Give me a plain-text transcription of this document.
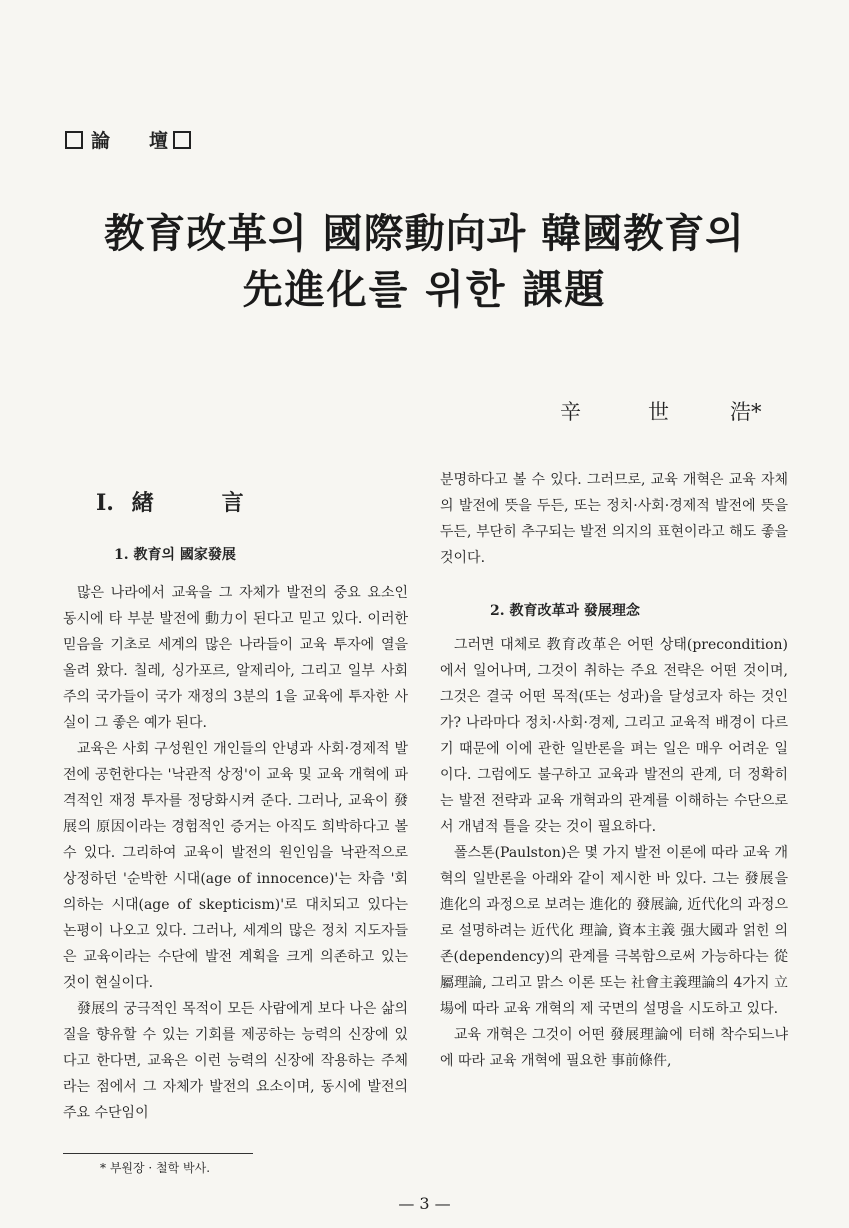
論 壇
教育改革의 國際動向과 韓國教育의
先進化를 위한 課題
辛	世	浩*
I. 緖	言
1. 教育의 國家發展

많은 나라에서 교육을 그 자체가 발전의 중요 요소인 동시에 타 부분 발전에 動力이 된다고 믿고 있다. 이러한 믿음을 기초로 세계의 많은 나라들이 교육 투자에 열을 올려 왔다. 칠레, 싱가포르, 알제리아, 그리고 일부 사회주의 국가들이 국가 재정의 3분의 1을 교육에 투자한 사실이 그 좋은 예가 된다.

교육은 사회 구성원인 개인들의 안녕과 사회·경제적 발전에 공헌한다는 '낙관적 상정'이 교육 및 교육 개혁에 파격적인 재정 투자를 정당화시켜 준다. 그러나, 교육이 發展의 原因이라는 경험적인 증거는 아직도 희박하다고 볼 수 있다. 그리하여 교육이 발전의 원인임을 낙관적으로 상정하던 '순박한 시대(age of innocence)'는 차츰 '회의하는 시대(age of skepticism)'로 대치되고 있다는 논평이 나오고 있다. 그러나, 세계의 많은 정치 지도자들은 교육이라는 수단에 발전 계획을 크게 의존하고 있는 것이 현실이다.

發展의 궁극적인 목적이 모든 사람에게 보다 나은 삶의 질을 향유할 수 있는 기회를 제공하는 능력의 신장에 있다고 한다면, 교육은 이런 능력의 신장에 작용하는 주체라는 점에서 그 자체가 발전의 요소이며, 동시에 발전의 주요 수단임이

분명하다고 볼 수 있다. 그러므로, 교육 개혁은 교육 자체의 발전에 뜻을 두든, 또는 정치·사회·경제적 발전에 뜻을 두든, 부단히 추구되는 발전 의지의 표현이라고 해도 좋을 것이다.

2. 教育改革과 發展理念

그러면 대체로 教育改革은 어떤 상태(precondition)에서 일어나며, 그것이 취하는 주요 전략은 어떤 것이며, 그것은 결국 어떤 목적(또는 성과)을 달성코자 하는 것인가? 나라마다 정치·사회·경제, 그리고 교육적 배경이 다르기 때문에 이에 관한 일반론을 펴는 일은 매우 어려운 일이다. 그럼에도 불구하고 교육과 발전의 관계, 더 정확히는 발전 전략과 교육 개혁과의 관계를 이해하는 수단으로서 개념적 틀을 갖는 것이 필요하다.

폴스톤(Paulston)은 몇 가지 발전 이론에 따라 교육 개혁의 일반론을 아래와 같이 제시한 바 있다. 그는 發展을 進化의 과정으로 보려는 進化的 發展論, 近代化의 과정으로 설명하려는 近代化 理論, 資本主義 强大國과 얽힌 의존(dependency)의 관계를 극복함으로써 가능하다는 從屬理論, 그리고 맑스 이론 또는 社會主義理論의 4가지 立場에 따라 교육 개혁의 제 국면의 설명을 시도하고 있다.

교육 개혁은 그것이 어떤 發展理論에 터해 착수되느냐에 따라 교육 개혁에 필요한 事前條件,

* 부원장 · 철학 박사.
— 3 —
